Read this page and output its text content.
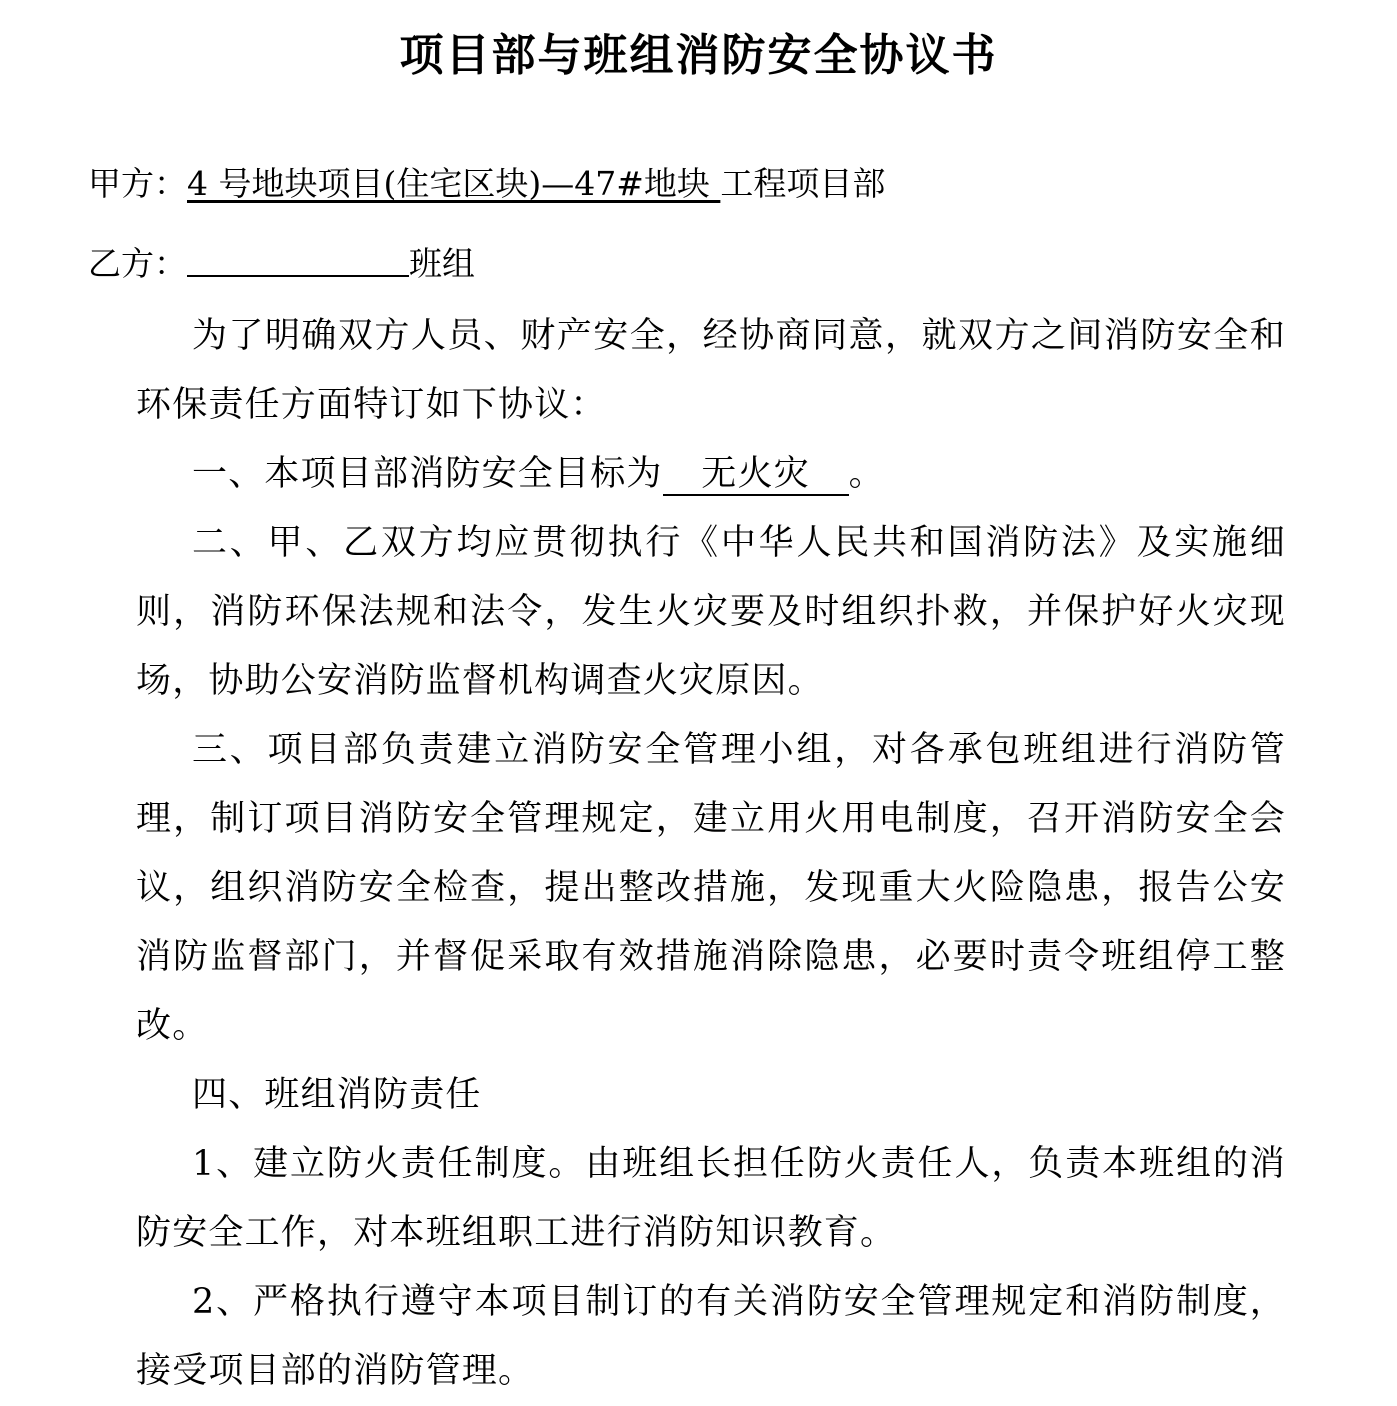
项目部与班组消防安全协议书
甲方：4 号地块项目(住宅区块)—47#地块 工程项目部
乙方：	班组

为了明确双方人员、财产安全，经协商同意，就双方之间消防安全和环保责任方面特订如下协议：

一、本项目部消防安全目标为 无火灾 。

二、甲、乙双方均应贯彻执行《中华人民共和国消防法》及实施细则，消防环保法规和法令，发生火灾要及时组织扑救，并保护好火灾现场，协助公安消防监督机构调查火灾原因。

三、项目部负责建立消防安全管理小组，对各承包班组进行消防管理，制订项目消防安全管理规定，建立用火用电制度，召开消防安全会议，组织消防安全检查，提出整改措施，发现重大火险隐患，报告公安消防监督部门，并督促采取有效措施消除隐患，必要时责令班组停工整改。

四、班组消防责任

1、建立防火责任制度。由班组长担任防火责任人，负责本班组的消防安全工作，对本班组职工进行消防知识教育。

2、严格执行遵守本项目制订的有关消防安全管理规定和消防制度，接受项目部的消防管理。
